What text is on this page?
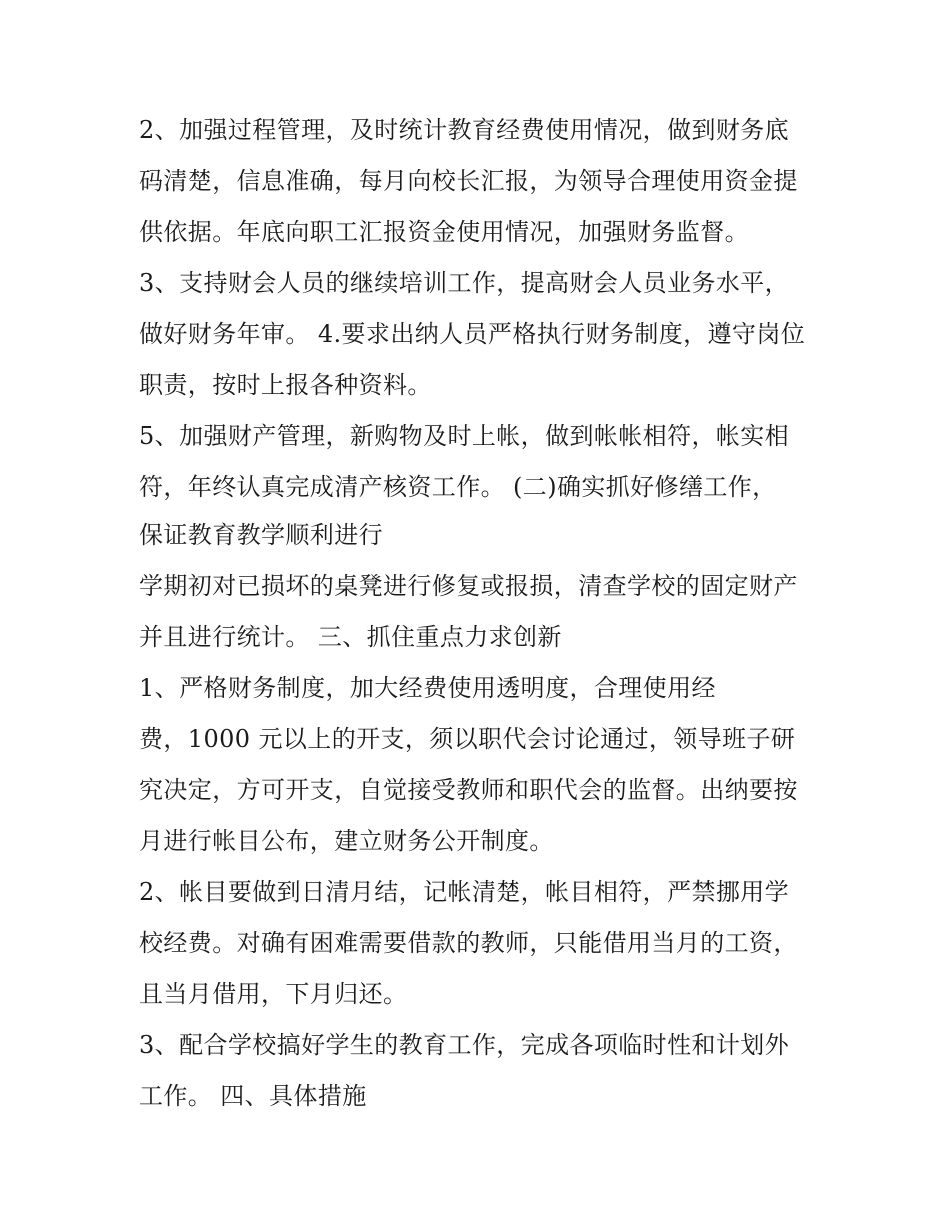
2、加强过程管理，及时统计教育经费使用情况，做到财务底
码清楚，信息准确，每月向校长汇报，为领导合理使用资金提
供依据。年底向职工汇报资金使用情况，加强财务监督。
3、支持财会人员的继续培训工作，提高财会人员业务水平，
做好财务年审。 4.要求出纳人员严格执行财务制度，遵守岗位
职责，按时上报各种资料。
5、加强财产管理，新购物及时上帐，做到帐帐相符，帐实相
符，年终认真完成清产核资工作。 (二)确实抓好修缮工作，
保证教育教学顺利进行
学期初对已损坏的桌凳进行修复或报损，清查学校的固定财产
并且进行统计。 三、抓住重点力求创新
1、严格财务制度，加大经费使用透明度，合理使用经
费，1000 元以上的开支，须以职代会讨论通过，领导班子研
究决定，方可开支，自觉接受教师和职代会的监督。出纳要按
月进行帐目公布，建立财务公开制度。
2、帐目要做到日清月结，记帐清楚，帐目相符，严禁挪用学
校经费。对确有困难需要借款的教师，只能借用当月的工资，
且当月借用，下月归还。
3、配合学校搞好学生的教育工作，完成各项临时性和计划外
工作。 四、具体措施
